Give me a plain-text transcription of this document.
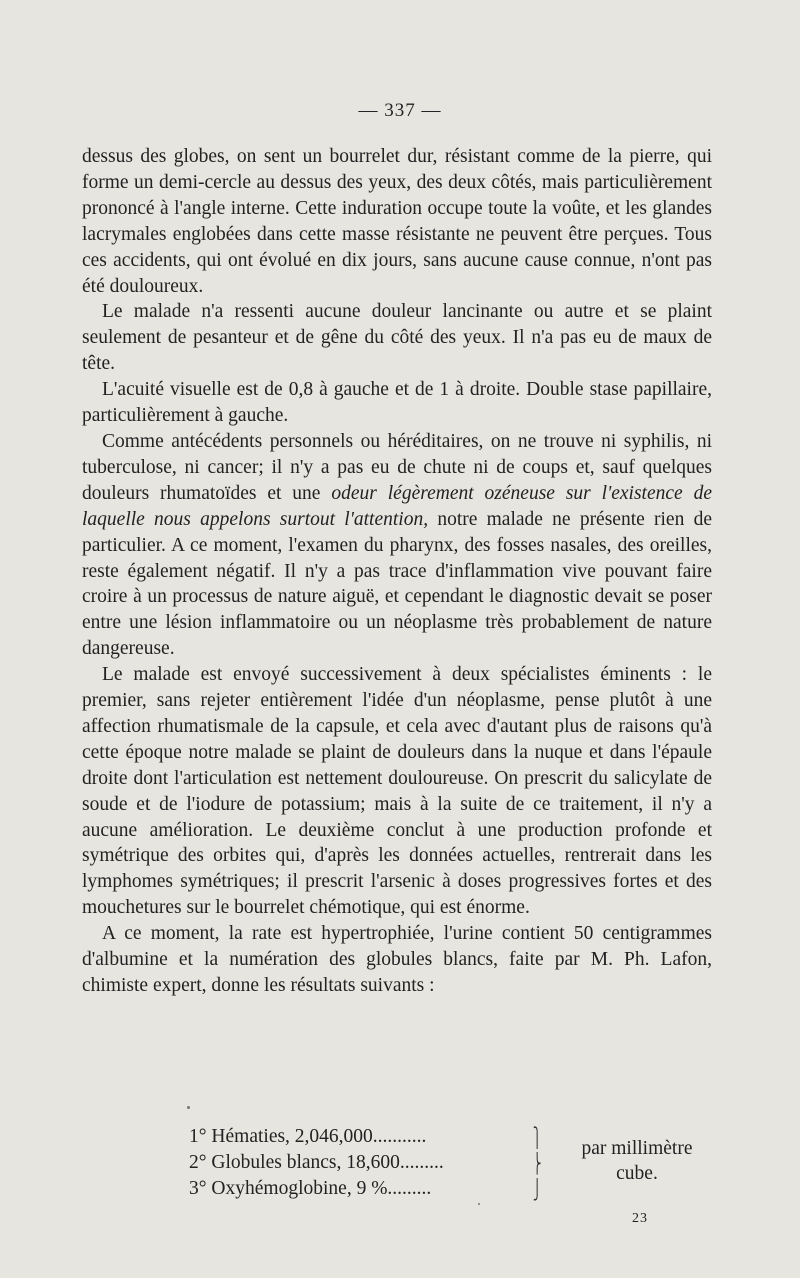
— 337 —

dessus des globes, on sent un bourrelet dur, résistant comme de la pierre, qui forme un demi-cercle au dessus des yeux, des deux côtés, mais particulièrement prononcé à l'angle interne. Cette induration occupe toute la voûte, et les glandes lacrymales englobées dans cette masse résistante ne peuvent être perçues. Tous ces accidents, qui ont évolué en dix jours, sans aucune cause connue, n'ont pas été douloureux.

Le malade n'a ressenti aucune douleur lancinante ou autre et se plaint seulement de pesanteur et de gêne du côté des yeux. Il n'a pas eu de maux de tête.

L'acuité visuelle est de 0,8 à gauche et de 1 à droite. Double stase papillaire, particulièrement à gauche.

Comme antécédents personnels ou héréditaires, on ne trouve ni syphilis, ni tuberculose, ni cancer; il n'y a pas eu de chute ni de coups et, sauf quelques douleurs rhumatoïdes et une odeur légèrement ozéneuse sur l'existence de laquelle nous appelons surtout l'attention, notre malade ne présente rien de particulier. A ce moment, l'examen du pharynx, des fosses nasales, des oreilles, reste également négatif. Il n'y a pas trace d'inflammation vive pouvant faire croire à un processus de nature aiguë, et cependant le diagnostic devait se poser entre une lésion inflammatoire ou un néoplasme très probablement de nature dangereuse.

Le malade est envoyé successivement à deux spécialistes éminents : le premier, sans rejeter entièrement l'idée d'un néoplasme, pense plutôt à une affection rhumatismale de la capsule, et cela avec d'autant plus de raisons qu'à cette époque notre malade se plaint de douleurs dans la nuque et dans l'épaule droite dont l'articulation est nettement douloureuse. On prescrit du salicylate de soude et de l'iodure de potassium; mais à la suite de ce traitement, il n'y a aucune amélioration. Le deuxième conclut à une production profonde et symétrique des orbites qui, d'après les données actuelles, rentrerait dans les lymphomes symétriques; il prescrit l'arsenic à doses progressives fortes et des mouchetures sur le bourrelet chémotique, qui est énorme.

A ce moment, la rate est hypertrophiée, l'urine contient 50 centigrammes d'albumine et la numération des globules blancs, faite par M. Ph. Lafon, chimiste expert, donne les résultats suivants :

1° Hématies, 2,046,000...........
2° Globules blancs, 18,600.........
3° Oxyhémoglobine, 9 %.........
⎫
⎬
⎭
par millimètre
cube.
23
